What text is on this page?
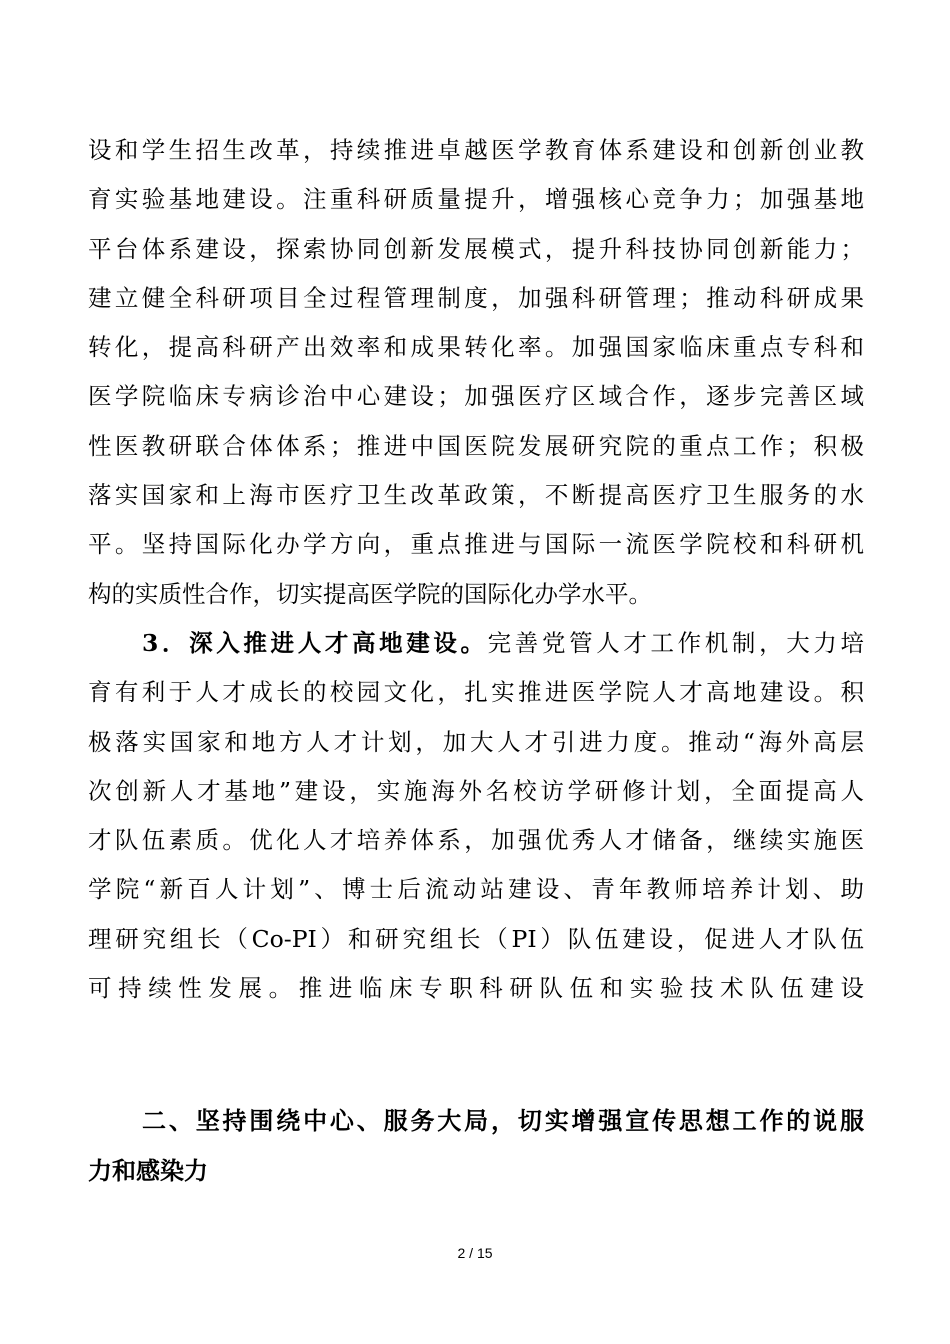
设和学生招生改革，持续推进卓越医学教育体系建设和创新创业教
育实验基地建设。注重科研质量提升，增强核心竞争力；加强基地
平台体系建设，探索协同创新发展模式，提升科技协同创新能力；
建立健全科研项目全过程管理制度，加强科研管理；推动科研成果
转化，提高科研产出效率和成果转化率。加强国家临床重点专科和
医学院临床专病诊治中心建设；加强医疗区域合作，逐步完善区域
性医教研联合体体系；推进中国医院发展研究院的重点工作；积极
落实国家和上海市医疗卫生改革政策，不断提高医疗卫生服务的水
平。坚持国际化办学方向，重点推进与国际一流医学院校和科研机
构的实质性合作，切实提高医学院的国际化办学水平。
3．深入推进人才高地建设。完善党管人才工作机制，大力培
育有利于人才成长的校园文化，扎实推进医学院人才高地建设。积
极落实国家和地方人才计划，加大人才引进力度。推动“海外高层
次创新人才基地”建设，实施海外名校访学研修计划，全面提高人
才队伍素质。优化人才培养体系，加强优秀人才储备，继续实施医
学院“新百人计划”、博士后流动站建设、青年教师培养计划、助
理研究组长（Co-PI）和研究组长（PI）队伍建设，促进人才队伍
可持续性发展。推进临床专职科研队伍和实验技术队伍建设
二、坚持围绕中心、服务大局，切实增强宣传思想工作的说服
力和感染力
2 / 15
